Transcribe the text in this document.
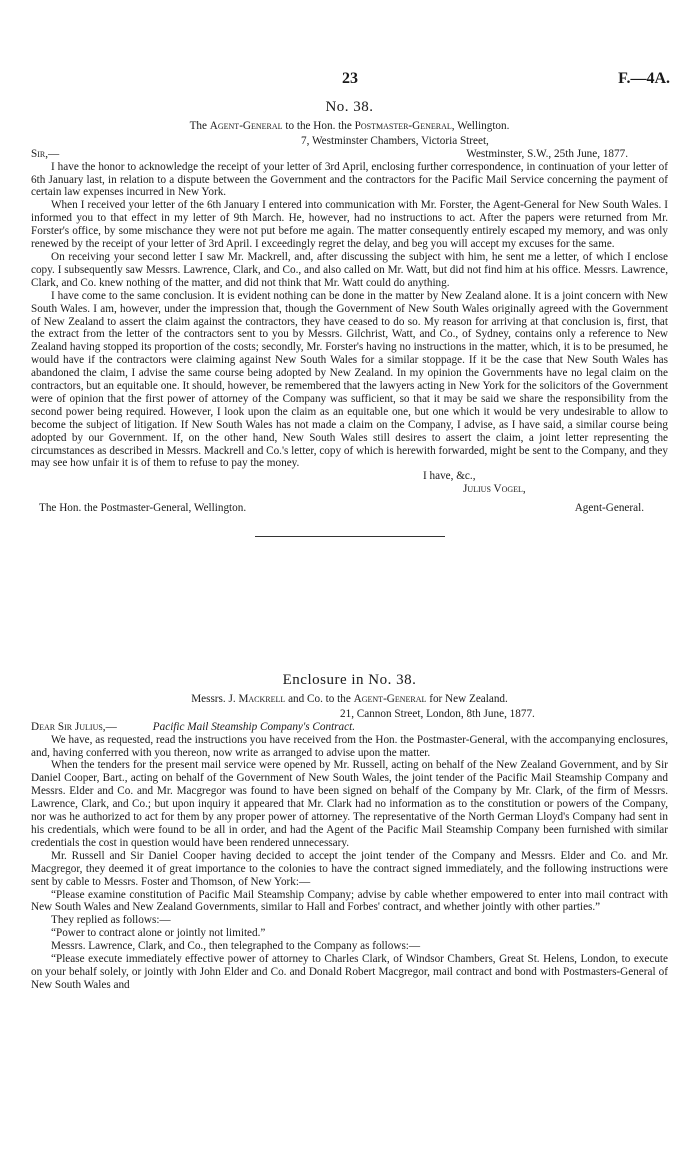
23	F.—4A.
No. 38.
The Agent-General to the Hon. the Postmaster-General, Wellington.
7, Westminster Chambers, Victoria Street,
Sir,—	Westminster, S.W., 25th June, 1877.

I have the honor to acknowledge the receipt of your letter of 3rd April, enclosing further correspondence, in continuation of your letter of 6th January last, in relation to a dispute between the Government and the contractors for the Pacific Mail Service concerning the payment of certain law expenses incurred in New York.

When I received your letter of the 6th January I entered into communication with Mr. Forster, the Agent-General for New South Wales. I informed you to that effect in my letter of 9th March. He, however, had no instructions to act. After the papers were returned from Mr. Forster's office, by some mischance they were not put before me again. The matter consequently entirely escaped my memory, and was only renewed by the receipt of your letter of 3rd April. I exceedingly regret the delay, and beg you will accept my excuses for the same.

On receiving your second letter I saw Mr. Mackrell, and, after discussing the subject with him, he sent me a letter, of which I enclose copy. I subsequently saw Messrs. Lawrence, Clark, and Co., and also called on Mr. Watt, but did not find him at his office. Messrs. Lawrence, Clark, and Co. knew nothing of the matter, and did not think that Mr. Watt could do anything.

I have come to the same conclusion. It is evident nothing can be done in the matter by New Zealand alone. It is a joint concern with New South Wales. I am, however, under the impression that, though the Government of New South Wales originally agreed with the Government of New Zealand to assert the claim against the contractors, they have ceased to do so. My reason for arriving at that conclusion is, first, that the extract from the letter of the contractors sent to you by Messrs. Gilchrist, Watt, and Co., of Sydney, contains only a reference to New Zealand having stopped its proportion of the costs; secondly, Mr. Forster's having no instructions in the matter, which, it is to be presumed, he would have if the contractors were claiming against New South Wales for a similar stoppage. If it be the case that New South Wales has abandoned the claim, I advise the same course being adopted by New Zealand. In my opinion the Governments have no legal claim on the contractors, but an equitable one. It should, however, be remembered that the lawyers acting in New York for the solicitors of the Government were of opinion that the first power of attorney of the Company was sufficient, so that it may be said we share the responsibility from the second power being required. However, I look upon the claim as an equitable one, but one which it would be very undesirable to allow to become the subject of litigation. If New South Wales has not made a claim on the Company, I advise, as I have said, a similar course being adopted by our Government. If, on the other hand, New South Wales still desires to assert the claim, a joint letter representing the circumstances as described in Messrs. Mackrell and Co.'s letter, copy of which is herewith forwarded, might be sent to the Company, and they may see how unfair it is of them to refuse to pay the money.

I have, &c.,
Julius Vogel,
The Hon. the Postmaster-General, Wellington.	Agent-General.
Enclosure in No. 38.
Messrs. J. Mackrell and Co. to the Agent-General for New Zealand.
21, Cannon Street, London, 8th June, 1877.
Dear Sir Julius,—	Pacific Mail Steamship Company's Contract.

We have, as requested, read the instructions you have received from the Hon. the Postmaster-General, with the accompanying enclosures, and, having conferred with you thereon, now write as arranged to advise upon the matter.

When the tenders for the present mail service were opened by Mr. Russell, acting on behalf of the New Zealand Government, and by Sir Daniel Cooper, Bart., acting on behalf of the Government of New South Wales, the joint tender of the Pacific Mail Steamship Company and Messrs. Elder and Co. and Mr. Macgregor was found to have been signed on behalf of the Company by Mr. Clark, of the firm of Messrs. Lawrence, Clark, and Co.; but upon inquiry it appeared that Mr. Clark had no information as to the constitution or powers of the Company, nor was he authorized to act for them by any proper power of attorney. The representative of the North German Lloyd's Company had sent in his credentials, which were found to be all in order, and had the Agent of the Pacific Mail Steamship Company been furnished with similar credentials the cost in question would have been rendered unnecessary.

Mr. Russell and Sir Daniel Cooper having decided to accept the joint tender of the Company and Messrs. Elder and Co. and Mr. Macgregor, they deemed it of great importance to the colonies to have the contract signed immediately, and the following instructions were sent by cable to Messrs. Foster and Thomson, of New York:—

“Please examine constitution of Pacific Mail Steamship Company; advise by cable whether empowered to enter into mail contract with New South Wales and New Zealand Governments, similar to Hall and Forbes' contract, and whether jointly with other parties.”

They replied as follows:—

“Power to contract alone or jointly not limited.”

Messrs. Lawrence, Clark, and Co., then telegraphed to the Company as follows:—

“Please execute immediately effective power of attorney to Charles Clark, of Windsor Chambers, Great St. Helens, London, to execute on your behalf solely, or jointly with John Elder and Co. and Donald Robert Macgregor, mail contract and bond with Postmasters-General of New South Wales and
